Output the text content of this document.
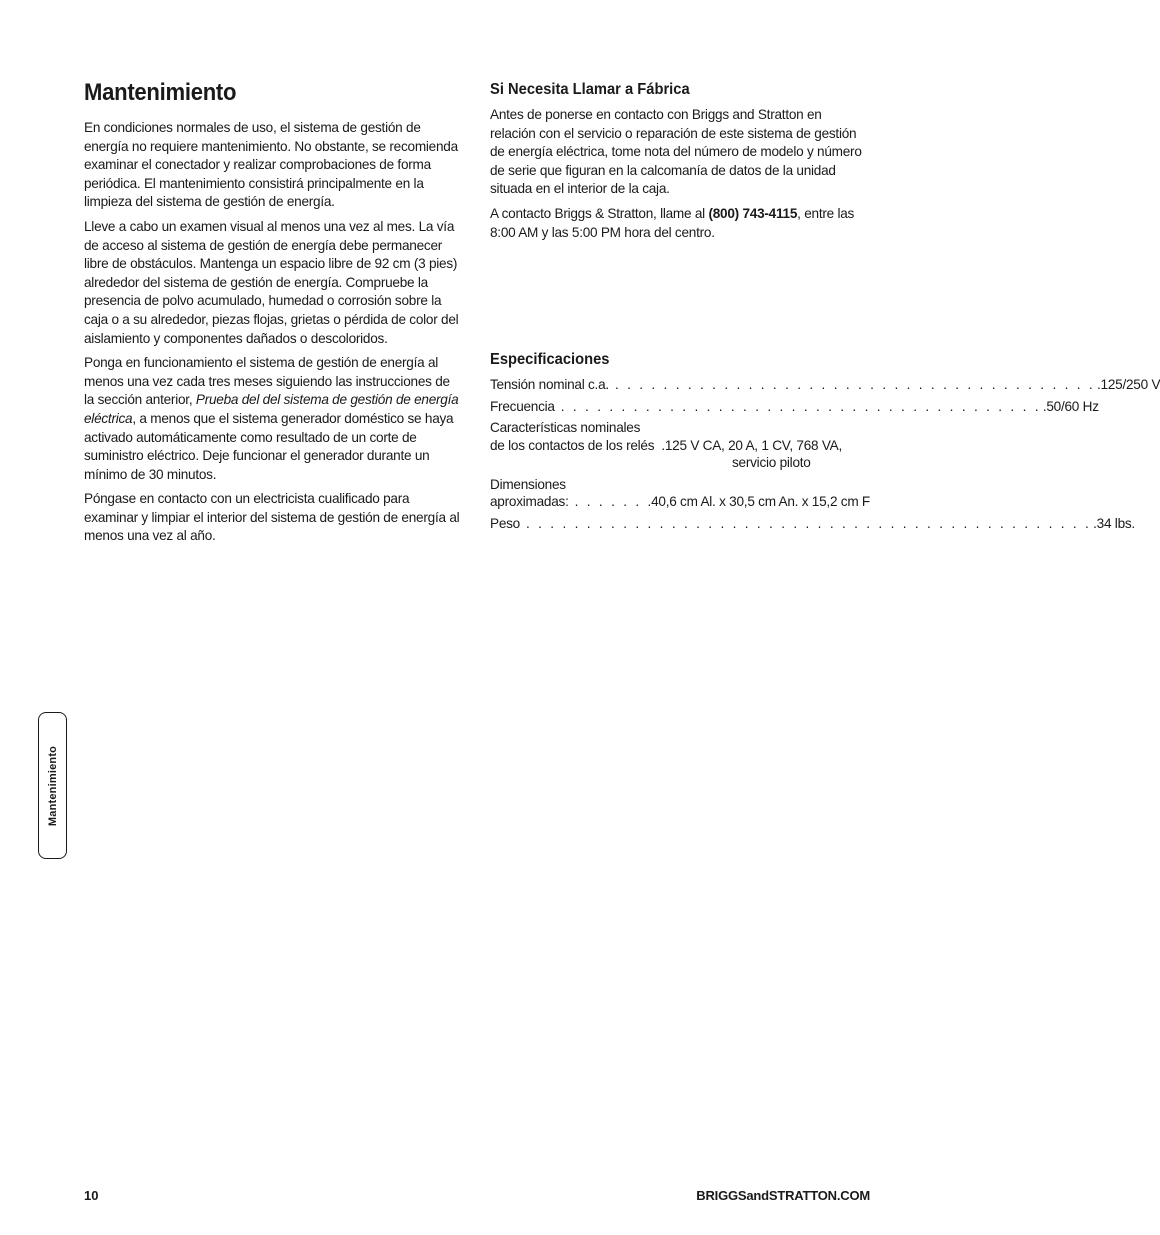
Mantenimiento

En condiciones normales de uso, el sistema de gestión de energía no requiere mantenimiento. No obstante, se recomienda examinar el conectador y realizar comprobaciones de forma periódica. El mantenimiento consistirá principalmente en la limpieza del sistema de gestión de energía.

Lleve a cabo un examen visual al menos una vez al mes. La vía de acceso al sistema de gestión de energía debe permanecer libre de obstáculos. Mantenga un espacio libre de 92 cm (3 pies) alrededor del sistema de gestión de energía. Compruebe la presencia de polvo acumulado, humedad o corrosión sobre la caja o a su alrededor, piezas flojas, grietas o pérdida de color del aislamiento y componentes dañados o descoloridos.

Ponga en funcionamiento el sistema de gestión de energía al menos una vez cada tres meses siguiendo las instrucciones de la sección anterior, Prueba del del sistema de gestión de energía eléctrica, a menos que el sistema generador doméstico se haya activado automáticamente como resultado de un corte de suministro eléctrico. Deje funcionar el generador durante un mínimo de 30 minutos.

Póngase en contacto con un electricista cualificado para examinar y limpiar el interior del sistema de gestión de energía al menos una vez al año.

Si Necesita Llamar a Fábrica

Antes de ponerse en contacto con Briggs and Stratton en relación con el servicio o reparación de este sistema de gestión de energía eléctrica, tome nota del número de modelo y número de serie que figuran en la calcomanía de datos de la unidad situada en el interior de la caja.

A contacto Briggs & Stratton, llame al (800) 743-4115, entre las 8:00 AM y las 5:00 PM hora del centro.

Especificaciones
Tensión nominal c.a. . . . . . . . . . . . . . . . . . . . . . . . . . . . . . . . . . . . . . . . . .125/250 V
Frecuencia . . . . . . . . . . . . . . . . . . . . . . . . . . . . . . . . . . . . . . . . .50/60 Hz
Características nominales
de los contactos de los relés  .125 V CA, 20 A, 1 CV, 768 VA,
servicio piloto
Dimensiones
aproximadas: . . . . . . .40,6 cm Al. x 30,5 cm An. x 15,2 cm F
Peso . . . . . . . . . . . . . . . . . . . . . . . . . . . . . . . . . . . . . . . . . . . . . . . .34 lbs.
Mantenimiento
10	BRIGGSandSTRATTON.COM
